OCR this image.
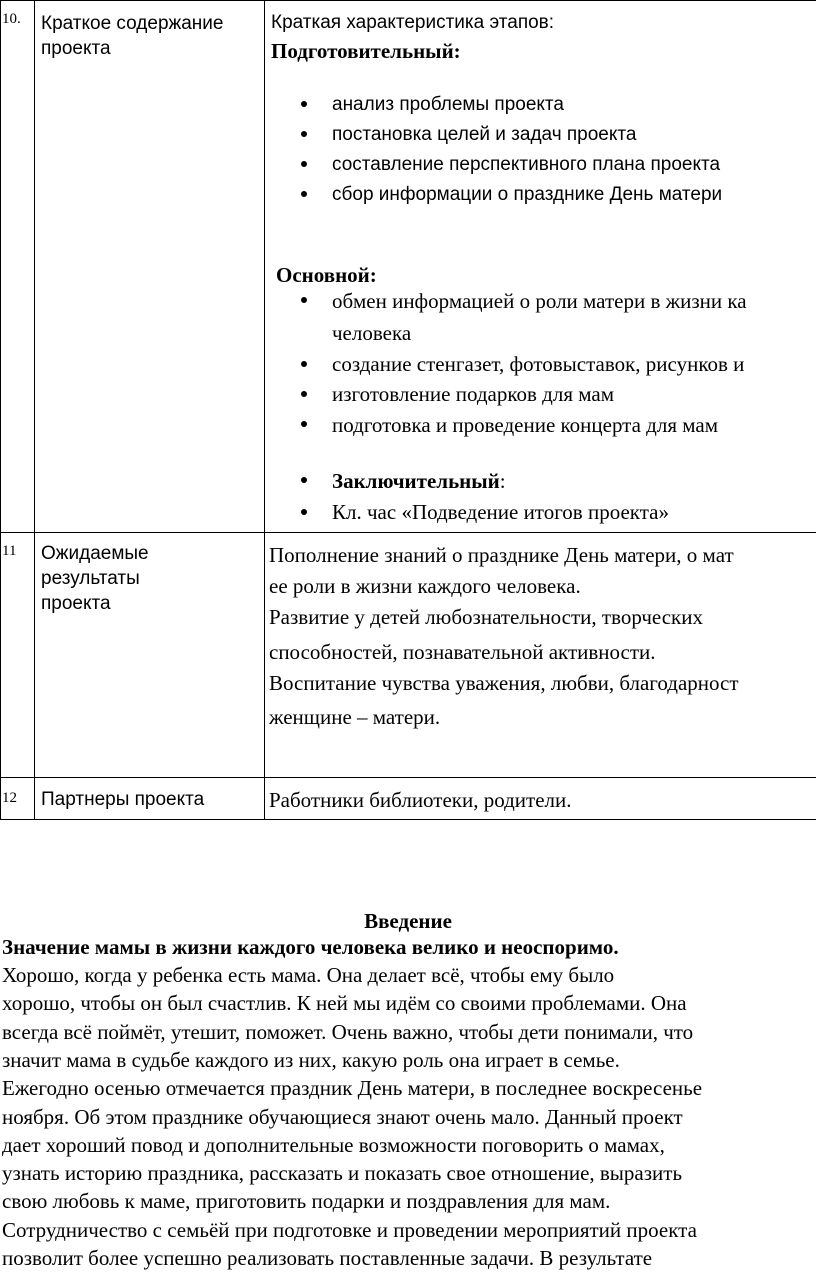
10. Краткое содержание
проекта
11 Ожидаемые
результаты
проекта
12 Партнеры проекта
Краткая характеристика этапов:
Подготовительный:
анализ проблемы проекта
постановка целей и задач проекта
составление перспективного плана проекта
сбор информации о празднике День матери
Основной:
обмен информацией о роли матери в жизни ка
человека
создание стенгазет, фотовыставок, рисунков и
изготовление подарков для мам
подготовка и проведение концерта для мам
Заключительный:
Кл. час «Подведение итогов проекта»
Пополнение знаний о празднике День матери, о мат
ее роли в жизни каждого человека.
Развитие у детей любознательности, творческих
способностей, познавательной активности.
Воспитание чувства уважения, любви, благодарност
женщине – матери.
Работники библиотеки, родители.
Введение
Значение мамы в жизни каждого человека велико и неоспоримо.
Хорошо, когда у ребенка есть мама. Она делает всё, чтобы ему было
хорошо, чтобы он был счастлив. К ней мы идём со своими проблемами. Она
всегда всё поймёт, утешит, поможет. Очень важно, чтобы дети понимали, что
значит мама в судьбе каждого из них, какую роль она играет в семье.
Ежегодно осенью отмечается праздник День матери, в последнее воскресенье
ноября. Об этом празднике обучающиеся знают очень мало. Данный проект
дает хороший повод и дополнительные возможности поговорить о мамах,
узнать историю праздника, рассказать и показать свое отношение, выразить
свою любовь к маме, приготовить подарки и поздравления для мам.
Сотрудничество с семьёй при подготовке и проведении мероприятий проекта
позволит более успешно реализовать поставленные задачи. В результате
